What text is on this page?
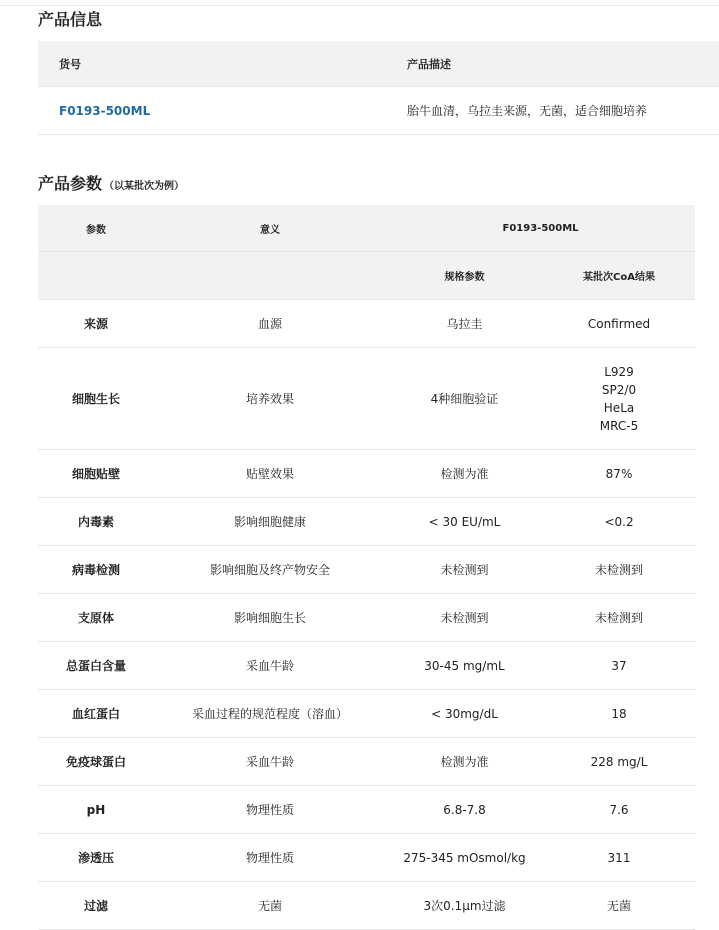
产品信息
货号	产品描述
F0193-500ML	胎牛血清，乌拉圭来源，无菌，适合细胞培养
产品参数 （以某批次为例）
参数	意义	F0193-500ML	
		规格参数	某批次CoA结果
来源	血源	乌拉圭	Confirmed
细胞生长	培养效果	4种细胞验证	L929
SP2/0
HeLa
MRC-5

细胞贴壁	贴壁效果	检测为准	87%
内毒素	影响细胞健康	< 30 EU/mL	<0.2
病毒检测	影响细胞及终产物安全	未检测到	未检测到
支原体	影响细胞生长	未检测到	未检测到
总蛋白含量	采血牛龄	30-45 mg/mL	37
血红蛋白	采血过程的规范程度（溶血）	< 30mg/dL	18
免疫球蛋白	采血牛龄	检测为准	228 mg/L
pH	物理性质	6.8-7.8	7.6
渗透压	物理性质	275-345 mOsmol/kg	311
过滤	无菌	3次0.1μm过滤	无菌
